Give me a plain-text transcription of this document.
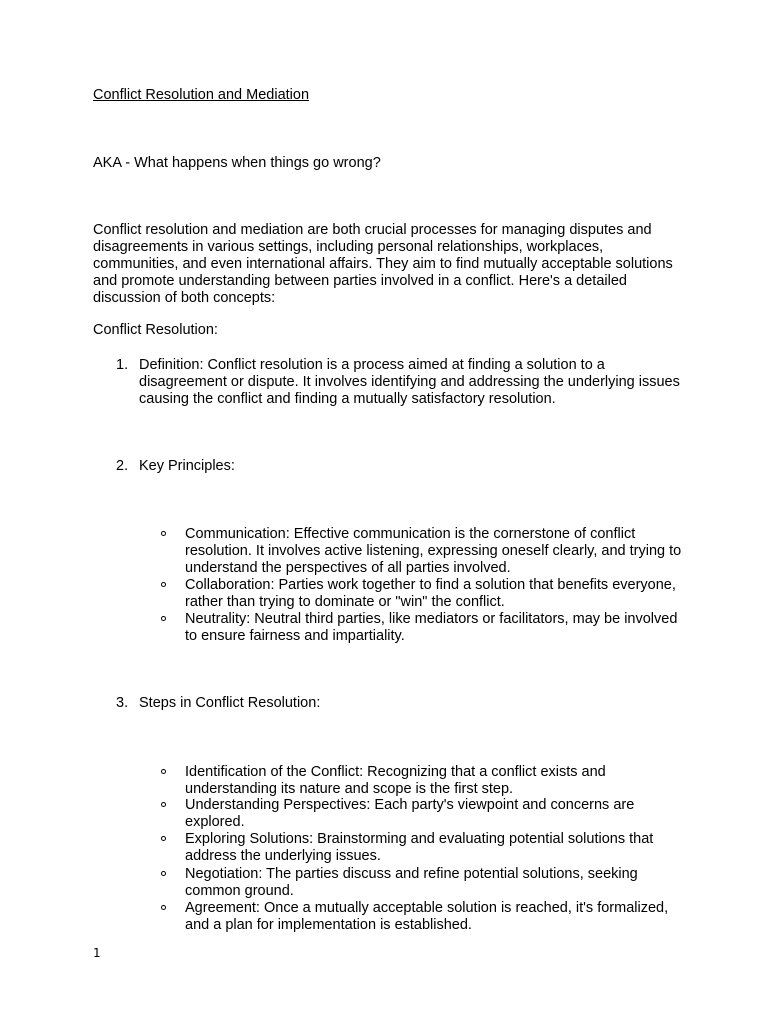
Conflict Resolution and Mediation
AKA - What happens when things go wrong?

Conflict resolution and mediation are both crucial processes for managing disputes and disagreements in various settings, including personal relationships, workplaces, communities, and even international affairs. They aim to find mutually acceptable solutions and promote understanding between parties involved in a conflict. Here's a detailed discussion of both concepts:

Conflict Resolution:
1. Definition: Conflict resolution is a process aimed at finding a solution to a disagreement or dispute. It involves identifying and addressing the underlying issues causing the conflict and finding a mutually satisfactory resolution.
2. Key Principles:
Communication: Effective communication is the cornerstone of conflict resolution. It involves active listening, expressing oneself clearly, and trying to understand the perspectives of all parties involved.
Collaboration: Parties work together to find a solution that benefits everyone, rather than trying to dominate or "win" the conflict.
Neutrality: Neutral third parties, like mediators or facilitators, may be involved to ensure fairness and impartiality.
3. Steps in Conflict Resolution:
Identification of the Conflict: Recognizing that a conflict exists and understanding its nature and scope is the first step.
Understanding Perspectives: Each party's viewpoint and concerns are explored.
Exploring Solutions: Brainstorming and evaluating potential solutions that address the underlying issues.
Negotiation: The parties discuss and refine potential solutions, seeking common ground.
Agreement: Once a mutually acceptable solution is reached, it's formalized, and a plan for implementation is established.
1
